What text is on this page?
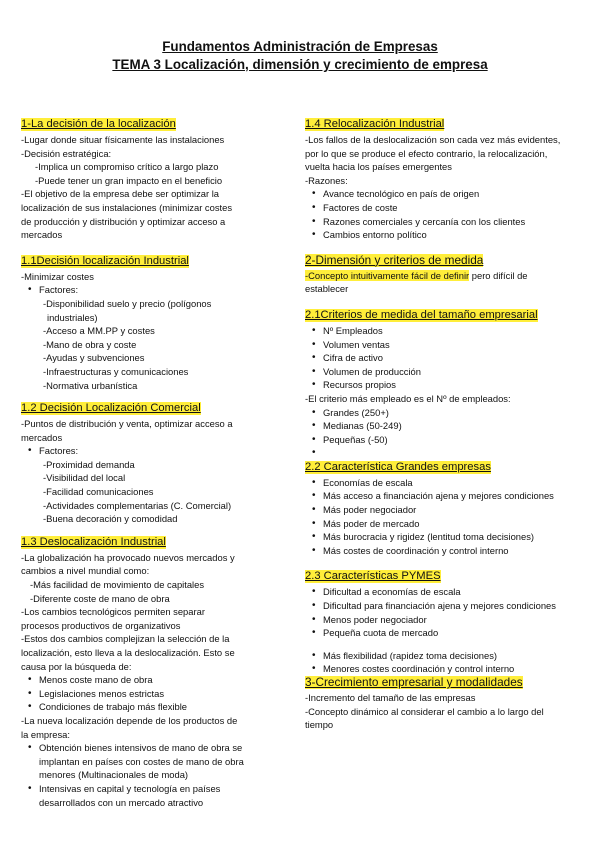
Fundamentos Administración de Empresas
TEMA 3 Localización, dimensión y crecimiento de empresa
1-La decisión de la localización
-Lugar donde situar físicamente las instalaciones
-Decisión estratégica:
-Implica un compromiso crítico a largo plazo
-Puede tener un gran impacto en el beneficio
-El objetivo de la empresa debe ser optimizar la
localización de sus instalaciones (minimizar costes
de producción y distribución y optimizar acceso a
mercados
1.1Decisión localización Industrial
-Minimizar costes
• Factores:
-Disponibilidad suelo y precio (polígonos
industriales)
-Acceso a MM.PP y costes
-Mano de obra y coste
-Ayudas y subvenciones
-Infraestructuras y comunicaciones
-Normativa urbanística
1.2 Decisión Localización Comercial
-Puntos de distribución y venta, optimizar acceso a
mercados
• Factores:
-Proximidad demanda
-Visibilidad del local
-Facilidad comunicaciones
-Actividades complementarias (C. Comercial)
-Buena decoración y comodidad
1.3 Deslocalización Industrial
-La globalización ha provocado nuevos mercados y
cambios a nivel mundial como:
-Más facilidad de movimiento de capitales
-Diferente coste de mano de obra
-Los cambios tecnológicos permiten separar
procesos productivos de organizativos
-Estos dos cambios complejizan la selección de la
localización, esto lleva a la deslocalización. Esto se
causa por la búsqueda de:
• Menos coste mano de obra
• Legislaciones menos estrictas
• Condiciones de trabajo más flexible
-La nueva localización depende de los productos de
la empresa:
• Obtención bienes intensivos de mano de obra se
implantan en países con costes de mano de obra
menores (Multinacionales de moda)
• Intensivas en capital y tecnología en países
desarrollados con un mercado atractivo
1.4 Relocalización Industrial
-Los fallos de la deslocalización son cada vez más evidentes,
por lo que se produce el efecto contrario, la relocalización,
vuelta hacia los países emergentes
-Razones:
• Avance tecnológico en país de origen
• Factores de coste
• Razones comerciales y cercanía con los clientes
• Cambios entorno político
2-Dimensión y criterios de medida
-Concepto intuitivamente fácil de definir pero difícil de
establecer
2.1Criterios de medida del tamaño empresarial
• Nº Empleados
• Volumen ventas
• Cifra de activo
• Volumen de producción
• Recursos propios
-El criterio más empleado es el Nº de empleados:
• Grandes (250+)
• Medianas (50-249)
• Pequeñas (-50)
•
2.2 Característica Grandes empresas
• Economías de escala
• Más acceso a financiación ajena y mejores condiciones
• Más poder negociador
• Más poder de mercado
• Más burocracia y rigidez (lentitud toma decisiones)
• Más costes de coordinación y control interno
2.3 Características PYMES
• Dificultad a economías de escala
• Dificultad para financiación ajena y mejores condiciones
• Menos poder negociador
• Pequeña cuota de mercado
• Más flexibilidad (rapidez toma decisiones)
• Menores costes coordinación y control interno
3-Crecimiento empresarial y modalidades
-Incremento del tamaño de las empresas
-Concepto dinámico al considerar el cambio a lo largo del
tiempo
